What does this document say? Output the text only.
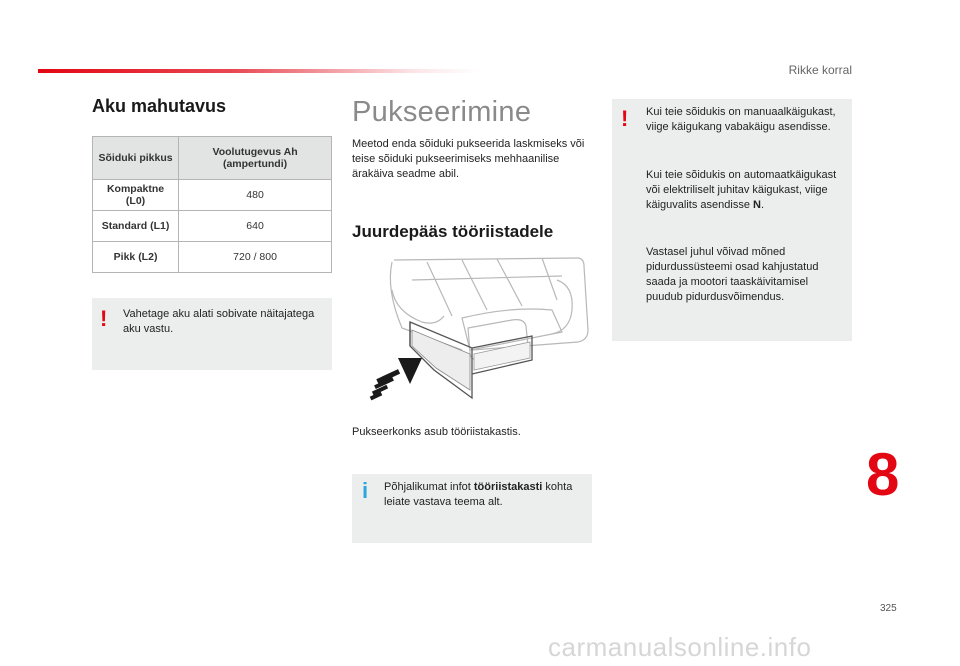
Rikke korral
Aku mahutavus
Sõiduki pikkus	Voolutugevus Ah (ampertundi)
Kompaktne (L0)	480
Standard (L1)	640
Pikk (L2)	720 / 800
! Vahetage aku alati sobivate näitajatega aku vastu.
Pukseerimine
Meetod enda sõiduki pukseerida laskmiseks või teise sõiduki pukseerimiseks mehhaanilise ärakäiva seadme abil.
Juurdepääs tööriistadele
Pukseerkonks asub tööriistakastis.
i Põhjalikumat infot tööriistakasti kohta leiate vastava teema alt.
! Kui teie sõidukis on manuaalkäigukast, viige käigukang vabakäigu asendisse.
Kui teie sõidukis on automaatkäigukast või elektriliselt juhitav käigukast, viige käiguvalits asendisse N.
Vastasel juhul võivad mõned pidurdussüsteemi osad kahjustatud saada ja mootori taaskäivitamisel puudub pidurdusvõimendus.
8
325
carmanualsonline.info
